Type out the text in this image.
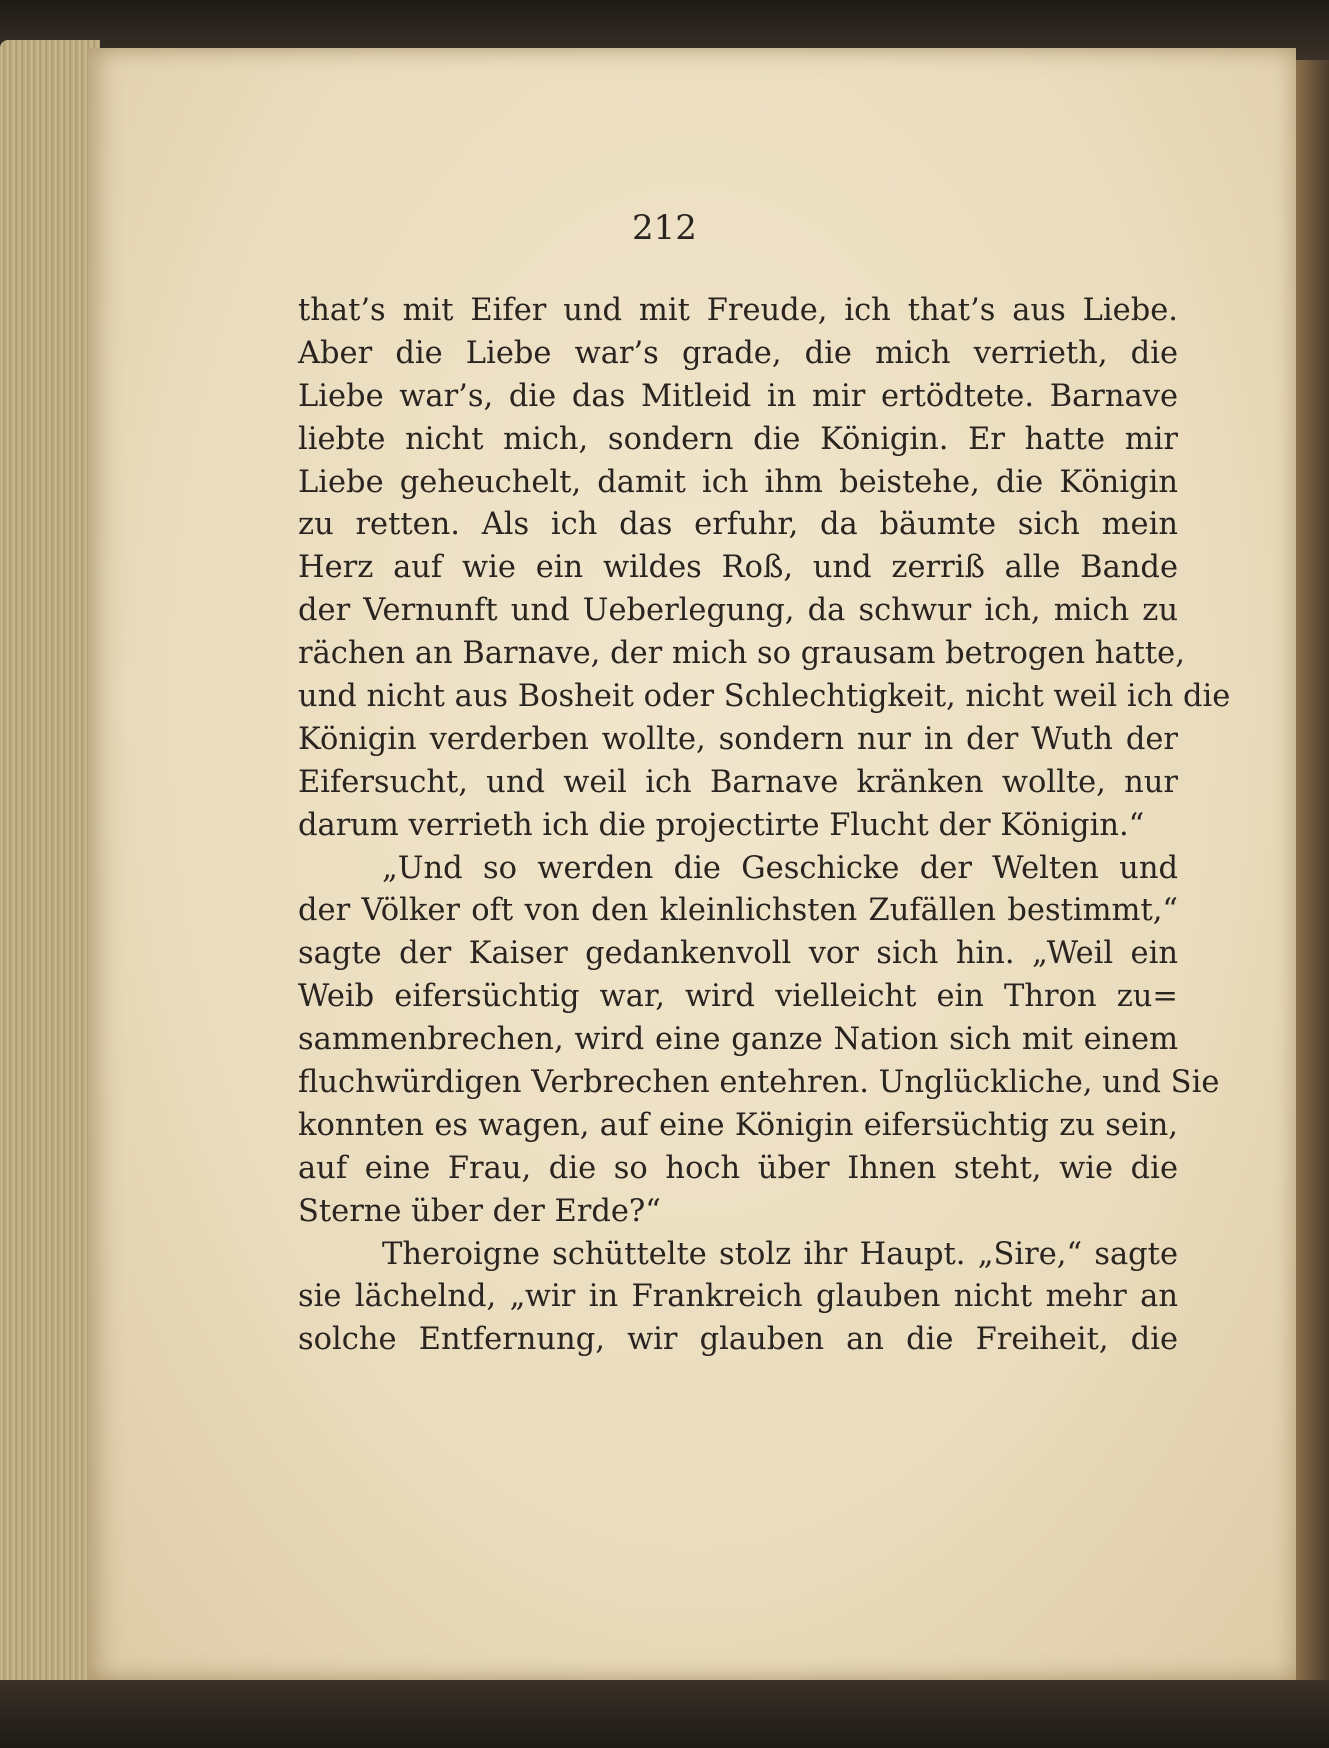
212
that’s mit Eifer und mit Freude, ich that’s aus Liebe.
Aber die Liebe war’s grade, die mich verrieth, die
Liebe war’s, die das Mitleid in mir ertödtete. Barnave
liebte nicht mich, sondern die Königin. Er hatte mir
Liebe geheuchelt, damit ich ihm beistehe, die Königin
zu retten. Als ich das erfuhr, da bäumte sich mein
Herz auf wie ein wildes Roß, und zerriß alle Bande
der Vernunft und Ueberlegung, da schwur ich, mich zu
rächen an Barnave, der mich so grausam betrogen hatte,
und nicht aus Bosheit oder Schlechtigkeit, nicht weil ich die
Königin verderben wollte, sondern nur in der Wuth der
Eifersucht, und weil ich Barnave kränken wollte, nur
darum verrieth ich die projectirte Flucht der Königin.“
„Und so werden die Geschicke der Welten und
der Völker oft von den kleinlichsten Zufällen bestimmt,“
sagte der Kaiser gedankenvoll vor sich hin. „Weil ein
Weib eifersüchtig war, wird vielleicht ein Thron zu=
sammenbrechen, wird eine ganze Nation sich mit einem
fluchwürdigen Verbrechen entehren. Unglückliche, und Sie
konnten es wagen, auf eine Königin eifersüchtig zu sein,
auf eine Frau, die so hoch über Ihnen steht, wie die
Sterne über der Erde?“
Theroigne schüttelte stolz ihr Haupt. „Sire,“ sagte
sie lächelnd, „wir in Frankreich glauben nicht mehr an
solche Entfernung, wir glauben an die Freiheit, die
